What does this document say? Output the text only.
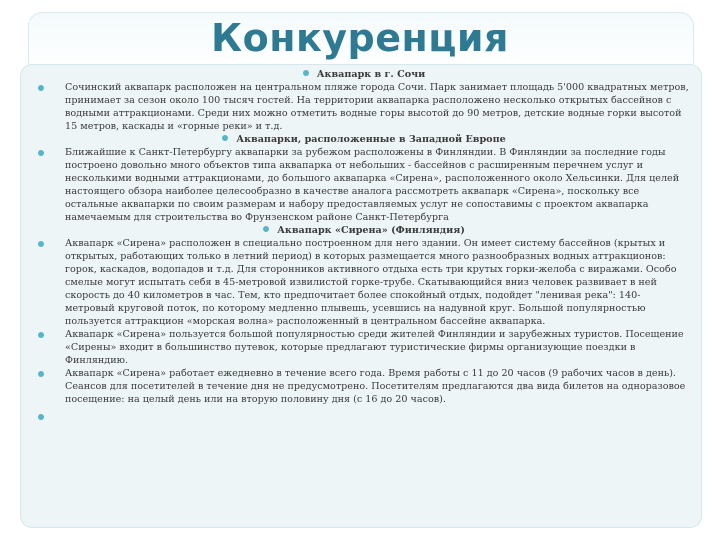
Конкуренция

Аквапарк в г. Сочи

Сочинский аквапарк расположен на центральном пляже города Сочи. Парк занимает площадь 5'000 квадратных метров, принимает за сезон около 100 тысяч гостей. На территории аквапарка расположено несколько открытых бассейнов с водными аттракционами. Среди них можно отметить водные горы высотой до 90 метров, детские водные горки высотой 15 метров, каскады и «горные реки» и т.д.

Аквапарки, расположенные в Западной Европе

Ближайшие к Санкт-Петербургу аквапарки за рубежом расположены в Финляндии. В Финляндии за последние годы построено довольно много объектов типа аквапарка от небольших - бассейнов с расширенным перечнем услуг и несколькими водными аттракционами, до большого аквапарка «Сирена», расположенного около Хельсинки. Для целей настоящего обзора наиболее целесообразно в качестве аналога рассмотреть аквапарк «Сирена», поскольку все остальные аквапарки по своим размерам и набору предоставляемых услуг не сопоставимы с проектом аквапарка намечаемым для строительства во Фрунзенском районе Санкт-Петербурга

Аквапарк «Сирена» (Финляндия)

Аквапарк «Сирена» расположен в специально построенном для него здании. Он имеет систему бассейнов (крытых и открытых, работающих только в летний период) в которых размещается много разнообразных водных аттракционов: горок, каскадов, водопадов и т.д. Для сторонников активного отдыха есть три крутых горки-желоба с виражами. Особо смелые могут испытать себя в 45-метровой извилистой горке-трубе. Скатывающийся вниз человек развивает в ней скорость до 40 километров в час. Тем, кто предпочитает более спокойный отдых, подойдет "ленивая река": 140-метровый круговой поток, по которому медленно плывешь, усевшись на надувной круг. Большой популярностью пользуется аттракцион «морская волна» расположенный в центральном бассейне аквапарка.

Аквапарк «Сирена» пользуется большой популярностью среди жителей Финляндии и зарубежных туристов. Посещение «Сирены» входит в большинство путевок, которые предлагают туристические фирмы организующие поездки в Финляндию.

Аквапарк «Сирена» работает ежедневно в течение всего года. Время работы с 11 до 20 часов (9 рабочих часов в день). Сеансов для посетителей в течение дня не предусмотрено. Посетителям предлагаются два вида билетов на одноразовое посещение: на целый день или на вторую половину дня (с 16 до 20 часов).
